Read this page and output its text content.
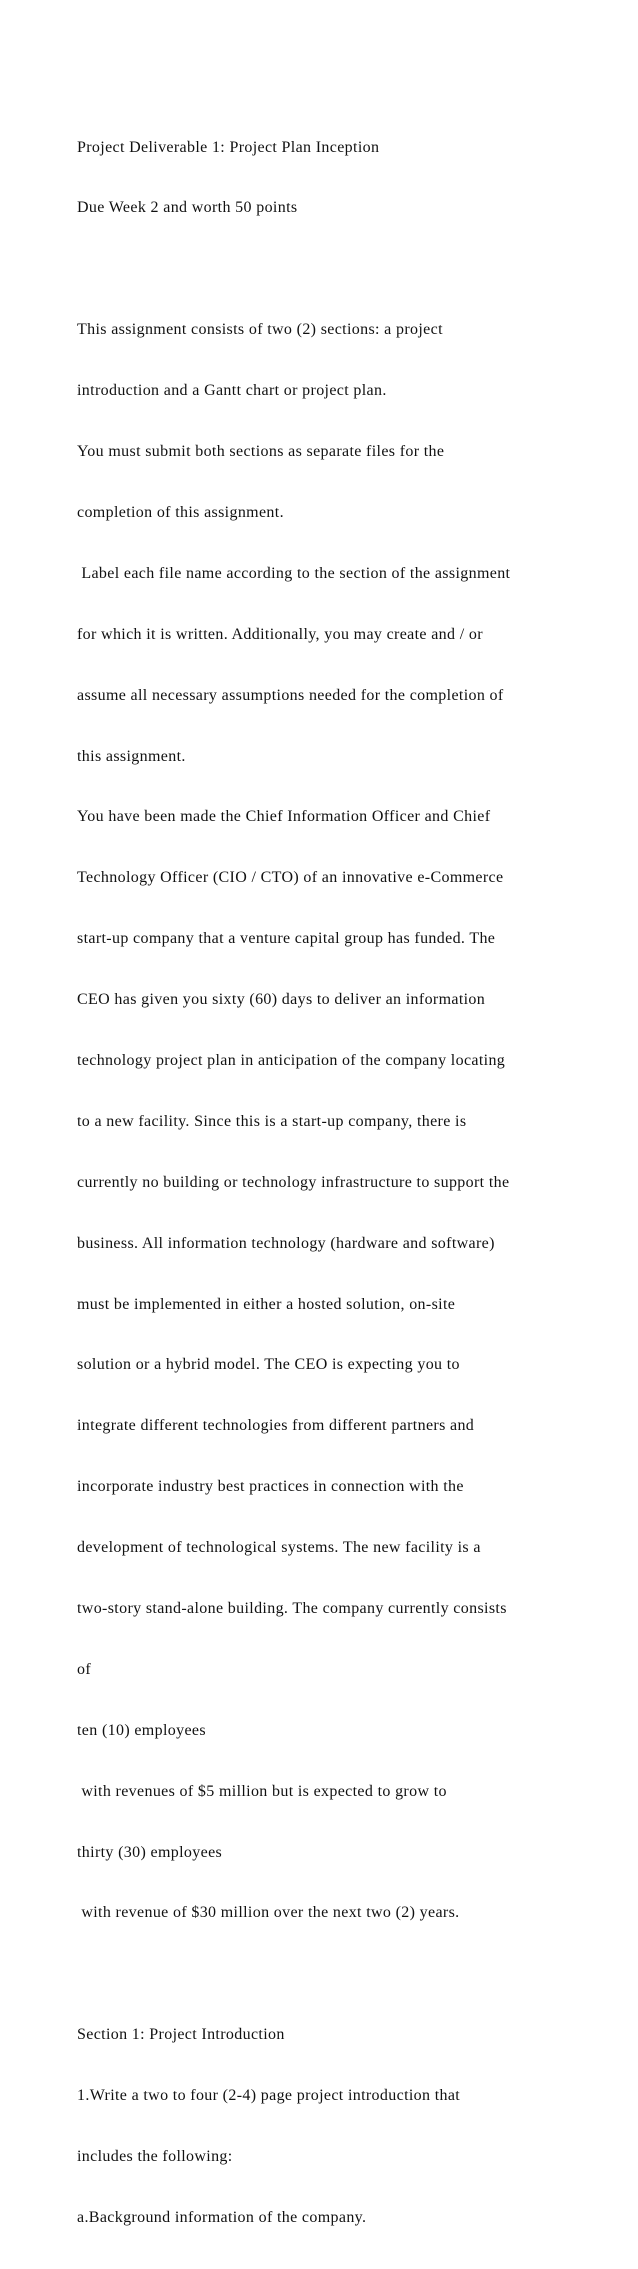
Project Deliverable 1: Project Plan Inception

Due Week 2 and worth 50 points

This assignment consists of two (2) sections: a project

introduction and a Gantt chart or project plan.

You must submit both sections as separate files for the

completion of this assignment.

Label each file name according to the section of the assignment

for which it is written. Additionally, you may create and / or

assume all necessary assumptions needed for the completion of

this assignment.

You have been made the Chief Information Officer and Chief

Technology Officer (CIO / CTO) of an innovative e-Commerce

start-up company that a venture capital group has funded. The

CEO has given you sixty (60) days to deliver an information

technology project plan in anticipation of the company locating

to a new facility. Since this is a start-up company, there is

currently no building or technology infrastructure to support the

business. All information technology (hardware and software)

must be implemented in either a hosted solution, on-site

solution or a hybrid model. The CEO is expecting you to

integrate different technologies from different partners and

incorporate industry best practices in connection with the

development of technological systems. The new facility is a

two-story stand-alone building. The company currently consists

of

ten (10) employees

with revenues of $5 million but is expected to grow to

thirty (30) employees

with revenue of $30 million over the next two (2) years.

Section 1: Project Introduction

1.Write a two to four (2-4) page project introduction that

includes the following:

a.Background information of the company.
